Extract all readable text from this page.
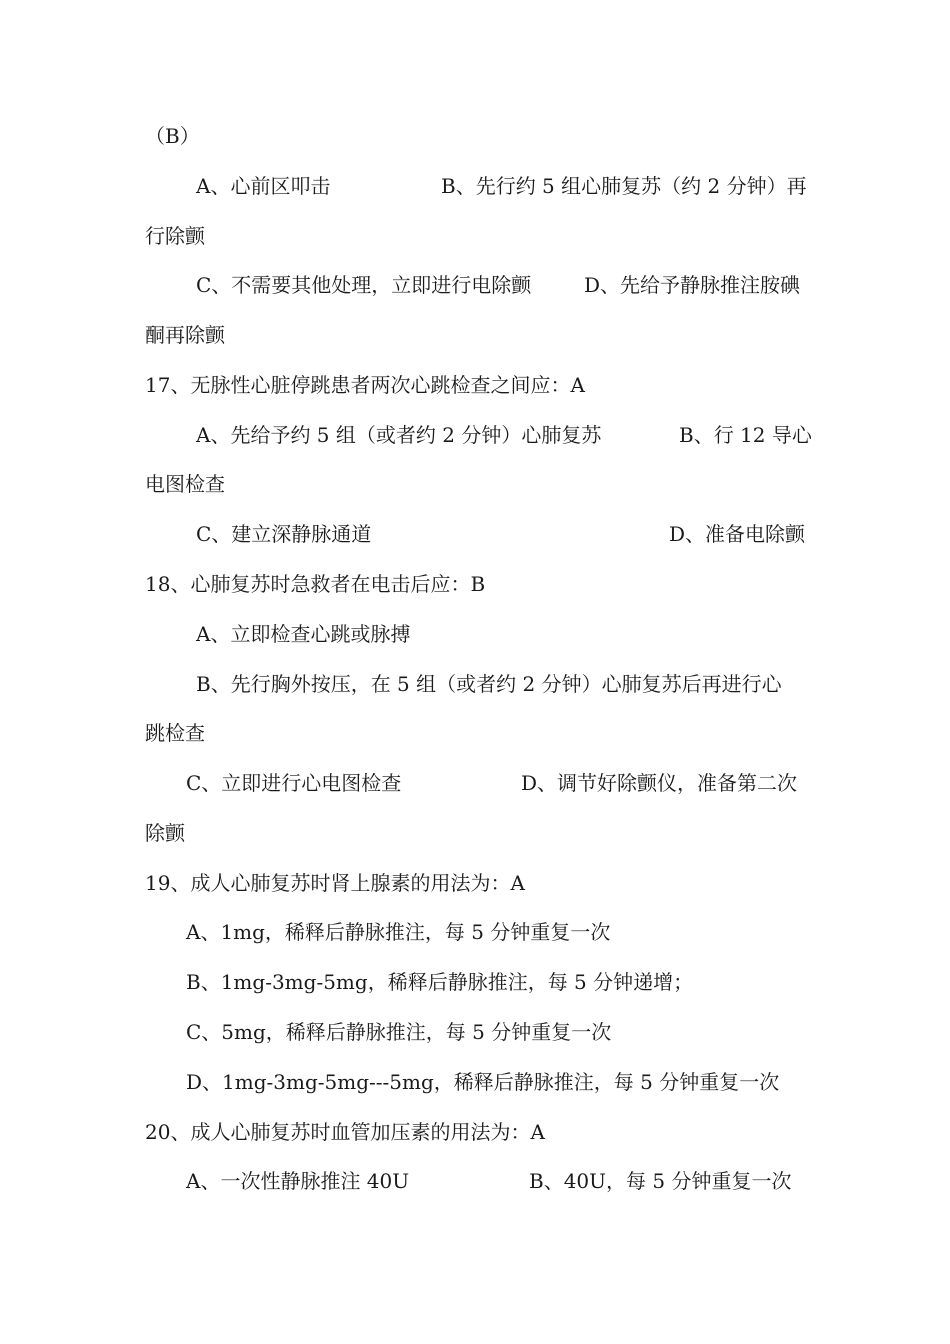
（B）
A、心前区叩击	B、先行约 5 组心肺复苏（约 2 分钟）再
行除颤
C、不需要其他处理，立即进行电除颤	D、先给予静脉推注胺碘
酮再除颤
17、无脉性心脏停跳患者两次心跳检查之间应：A
A、先给予约 5 组（或者约 2 分钟）心肺复苏	B、行 12 导心
电图检查
C、建立深静脉通道	D、准备电除颤
18、心肺复苏时急救者在电击后应：B
A、立即检查心跳或脉搏
B、先行胸外按压，在 5 组（或者约 2 分钟）心肺复苏后再进行心
跳检查
C、立即进行心电图检查	D、调节好除颤仪，准备第二次
除颤
19、成人心肺复苏时肾上腺素的用法为：A
A、1mg，稀释后静脉推注，每 5 分钟重复一次
B、1mg-3mg-5mg，稀释后静脉推注，每 5 分钟递增；
C、5mg，稀释后静脉推注，每 5 分钟重复一次
D、1mg-3mg-5mg---5mg，稀释后静脉推注，每 5 分钟重复一次
20、成人心肺复苏时血管加压素的用法为：A
A、一次性静脉推注 40U	B、40U，每 5 分钟重复一次
